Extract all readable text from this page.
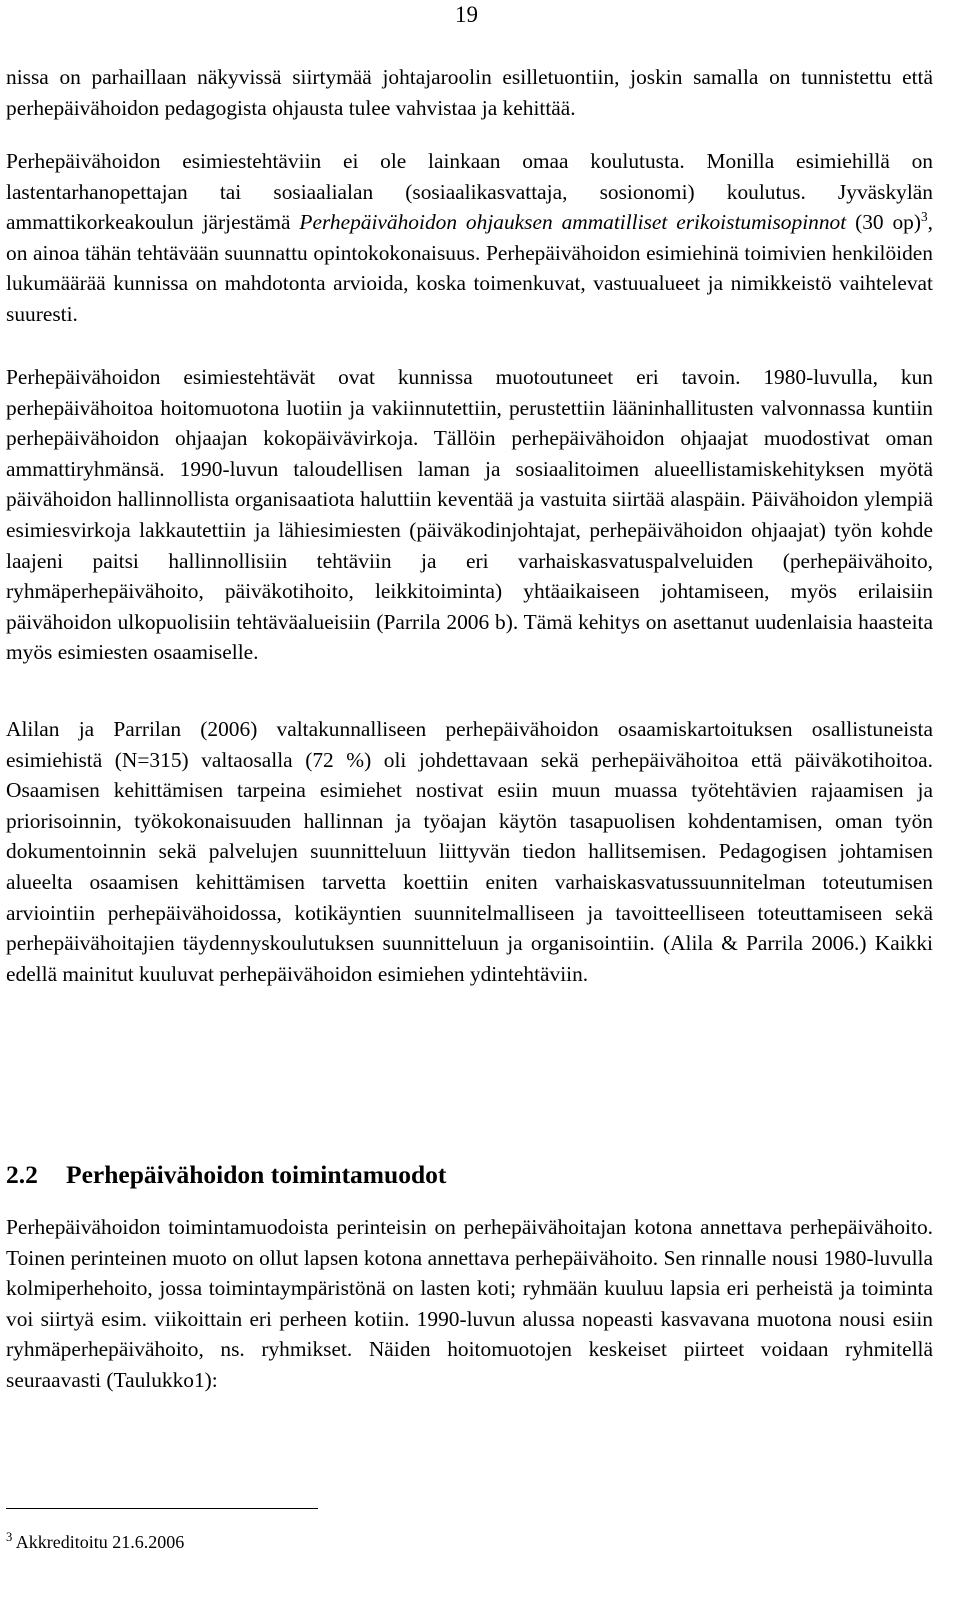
19

nissa on parhaillaan näkyvissä siirtymää johtajaroolin esilletuontiin, joskin samalla on tunnistettu että perhepäivähoidon pedagogista ohjausta tulee vahvistaa ja kehittää.

Perhepäivähoidon esimiestehtäviin ei ole lainkaan omaa koulutusta. Monilla esimiehillä on lastentarhanopettajan tai sosiaalialan (sosiaalikasvattaja, sosionomi) koulutus. Jyväskylän ammattikorkeakoulun järjestämä Perhepäivähoidon ohjauksen ammatilliset erikoistumisopinnot (30 op)$^3$, on ainoa tähän tehtävään suunnattu opintokokonaisuus. Perhepäivähoidon esimiehinä toimivien henkilöiden lukumäärää kunnissa on mahdotonta arvioida, koska toimenkuvat, vastuualueet ja nimikkeistö vaihtelevat suuresti.

Perhepäivähoidon esimiestehtävät ovat kunnissa muotoutuneet eri tavoin. 1980-luvulla, kun perhepäivähoitoa hoitomuotona luotiin ja vakiinnutettiin, perustettiin lääninhallitusten valvonnassa kuntiin perhepäivähoidon ohjaajan kokopäivävirkoja. Tällöin perhepäivähoidon ohjaajat muodostivat oman ammattiryhmänsä. 1990-luvun taloudellisen laman ja sosiaalitoimen alueellistamiskehityksen myötä päivähoidon hallinnollista organisaatiota haluttiin keventää ja vastuita siirtää alaspäin. Päivähoidon ylempiä esimiesvirkoja lakkautettiin ja lähiesimiesten (päiväkodinjohtajat, perhepäivähoidon ohjaajat) työn kohde laajeni paitsi hallinnollisiin tehtäviin ja eri varhaiskasvatuspalveluiden (perhepäivähoito, ryhmäperhepäivähoito, päiväkotihoito, leikkitoiminta) yhtäaikaiseen johtamiseen, myös erilaisiin päivähoidon ulkopuolisiin tehtäväalueisiin (Parrila 2006 b). Tämä kehitys on asettanut uudenlaisia haasteita myös esimiesten osaamiselle.

Alilan ja Parrilan (2006) valtakunnalliseen perhepäivähoidon osaamiskartoituksen osallistuneista esimiehistä (N=315) valtaosalla (72 %) oli johdettavaan sekä perhepäivähoitoa että päiväkotihoitoa. Osaamisen kehittämisen tarpeina esimiehet nostivat esiin muun muassa työtehtävien rajaamisen ja priorisoinnin, työkokonaisuuden hallinnan ja työajan käytön tasapuolisen kohdentamisen, oman työn dokumentoinnin sekä palvelujen suunnitteluun liittyvän tiedon hallitsemisen. Pedagogisen johtamisen alueelta osaamisen kehittämisen tarvetta koettiin eniten varhaiskasvatussuunnitelman toteutumisen arviointiin perhepäivähoidossa, kotikäyntien suunnitelmalliseen ja tavoitteelliseen toteuttamiseen sekä perhepäivähoitajien täydennyskoulutuksen suunnitteluun ja organisointiin. (Alila & Parrila 2006.) Kaikki edellä mainitut kuuluvat perhepäivähoidon esimiehen ydintehtäviin.

2.2 Perhepäivähoidon toimintamuodot

Perhepäivähoidon toimintamuodoista perinteisin on perhepäivähoitajan kotona annettava perhepäivähoito. Toinen perinteinen muoto on ollut lapsen kotona annettava perhepäivähoito. Sen rinnalle nousi 1980-luvulla kolmiperhehoito, jossa toimintaympäristönä on lasten koti; ryhmään kuuluu lapsia eri perheistä ja toiminta voi siirtyä esim. viikoittain eri perheen kotiin. 1990-luvun alussa nopeasti kasvavana muotona nousi esiin ryhmäperhepäivähoito, ns. ryhmikset. Näiden hoitomuotojen keskeiset piirteet voidaan ryhmitellä seuraavasti (Taulukko1):

$^3$ Akkreditoitu 21.6.2006
